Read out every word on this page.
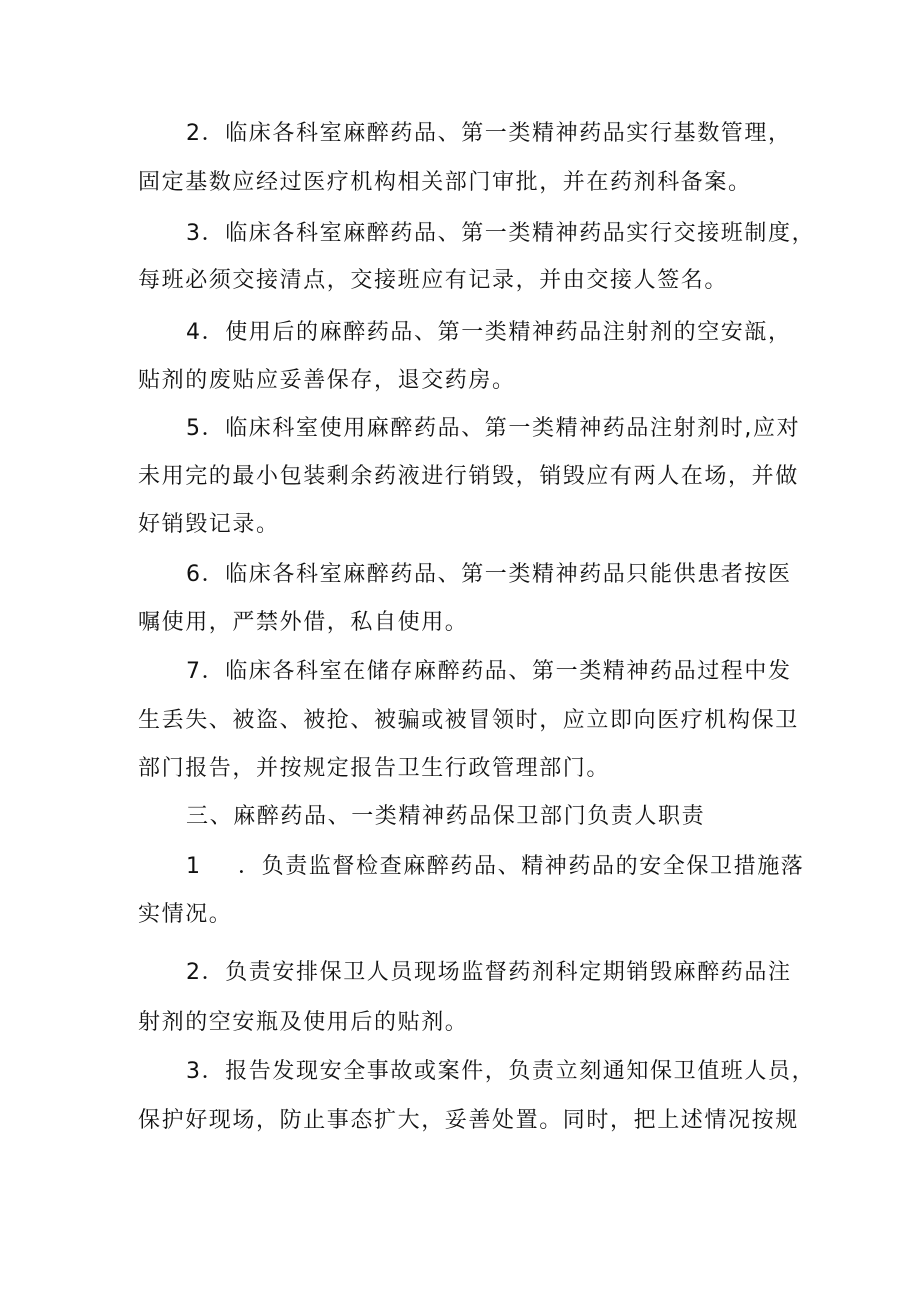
2．临床各科室麻醉药品、第一类精神药品实行基数管理，
固定基数应经过医疗机构相关部门审批，并在药剂科备案。
3．临床各科室麻醉药品、第一类精神药品实行交接班制度，
每班必须交接清点，交接班应有记录，并由交接人签名。
4．使用后的麻醉药品、第一类精神药品注射剂的空安瓿，
贴剂的废贴应妥善保存，退交药房。
5．临床科室使用麻醉药品、第一类精神药品注射剂时,应对
未用完的最小包装剩余药液进行销毁，销毁应有两人在场，并做
好销毁记录。
6．临床各科室麻醉药品、第一类精神药品只能供患者按医
嘱使用，严禁外借，私自使用。
7．临床各科室在储存麻醉药品、第一类精神药品过程中发
生丢失、被盗、被抢、被骗或被冒领时，应立即向医疗机构保卫
部门报告，并按规定报告卫生行政管理部门。
三、麻醉药品、一类精神药品保卫部门负责人职责
1 ．负责监督检查麻醉药品、精神药品的安全保卫措施落
实情况。
2．负责安排保卫人员现场监督药剂科定期销毁麻醉药品注
射剂的空安瓶及使用后的贴剂。
3．报告发现安全事故或案件，负责立刻通知保卫值班人员，
保护好现场，防止事态扩大，妥善处置。同时，把上述情况按规
